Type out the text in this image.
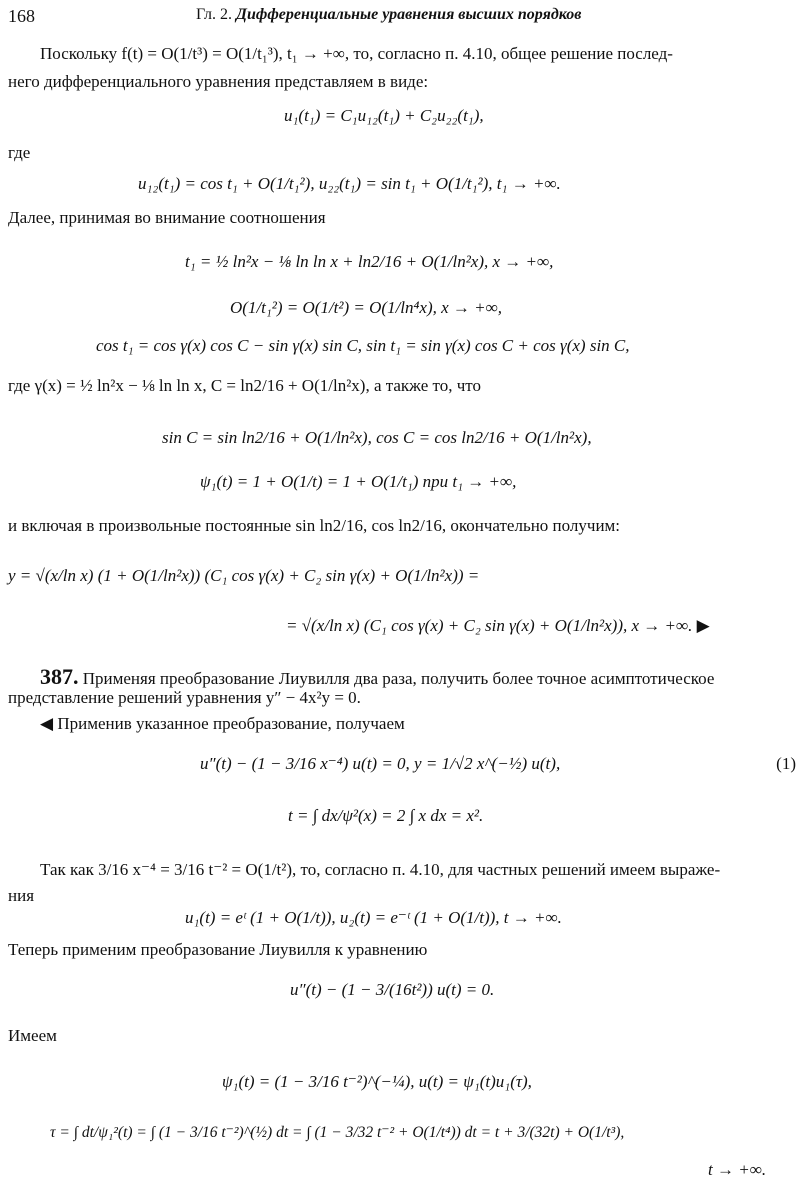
168	Гл. 2. Дифференциальные уравнения высших порядков
Поскольку f(t) = O(1/t³) = O(1/t₁³), t₁ → +∞, то, согласно п. 4.10, общее решение послед-
него дифференциального уравнения представляем в виде:
u₁(t₁) = C₁u₁₂(t₁) + C₂u₂₂(t₁),
где
u₁₂(t₁) = cos t₁ + O(1/t₁²), u₂₂(t₁) = sin t₁ + O(1/t₁²), t₁ → +∞.
Далее, принимая во внимание соотношения
t₁ = ½ ln²x − ⅛ ln ln x + ln2/16 + O(1/ln²x), x → +∞,
O(1/t₁²) = O(1/t²) = O(1/ln⁴x), x → +∞,
cos t₁ = cos γ(x) cos C − sin γ(x) sin C, sin t₁ = sin γ(x) cos C + cos γ(x) sin C,
где γ(x) = ½ ln²x − ⅛ ln ln x, C = ln2/16 + O(1/ln²x), а также то, что
sin C = sin ln2/16 + O(1/ln²x), cos C = cos ln2/16 + O(1/ln²x),
ψ₁(t) = 1 + O(1/t) = 1 + O(1/t₁) при t₁ → +∞,
и включая в произвольные постоянные sin ln2/16, cos ln2/16, окончательно получим:
y = √(x/ln x) (1 + O(1/ln²x)) (C₁ cos γ(x) + C₂ sin γ(x) + O(1/ln²x)) =
= √(x/ln x) (C₁ cos γ(x) + C₂ sin γ(x) + O(1/ln²x)), x → +∞. ▶
387. Применяя преобразование Лиувилля два раза, получить более точное асимптотическое
представление решений уравнения y″ − 4x²y = 0.
◀ Применив указанное преобразование, получаем
u″(t) − (1 − 3/16 x⁻⁴) u(t) = 0, y = 1/√2 x^(−½) u(t),	(1)
t = ∫ dx/ψ²(x) = 2 ∫ x dx = x².
Так как 3/16 x⁻⁴ = 3/16 t⁻² = O(1/t²), то, согласно п. 4.10, для частных решений имеем выраже-
ния
u₁(t) = eᵗ (1 + O(1/t)), u₂(t) = e⁻ᵗ (1 + O(1/t)), t → +∞.
Теперь применим преобразование Лиувилля к уравнению
u″(t) − (1 − 3/(16t²)) u(t) = 0.
Имеем
ψ₁(t) = (1 − 3/16 t⁻²)^(−¼), u(t) = ψ₁(t)u₁(τ),
τ = ∫ dt/ψ₁²(t) = ∫ (1 − 3/16 t⁻²)^(½) dt = ∫ (1 − 3/32 t⁻² + O(1/t⁴)) dt = t + 3/(32t) + O(1/t³),
t → +∞.
